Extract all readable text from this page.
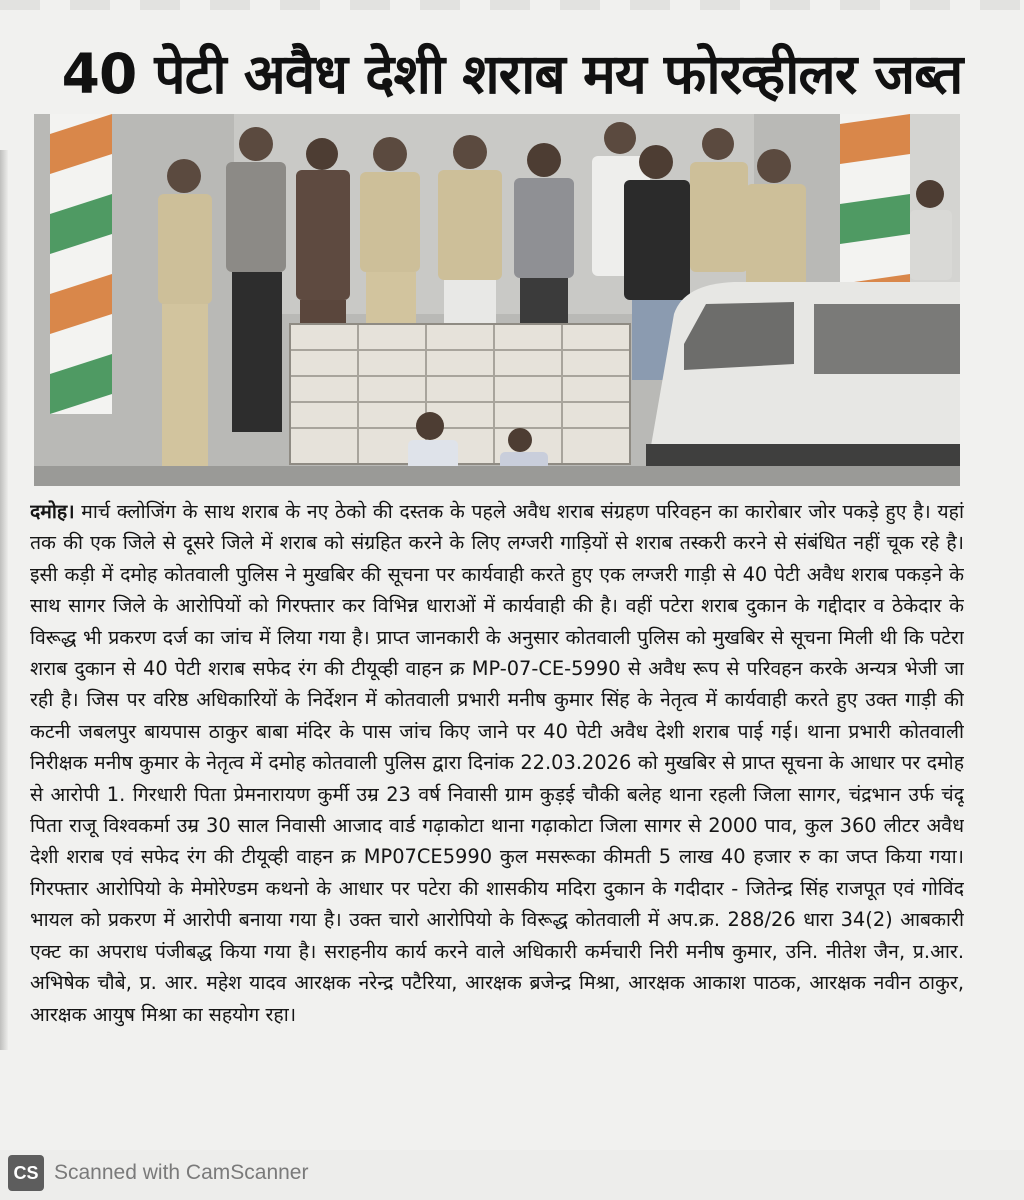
40 पेटी अवैध देशी शराब मय फोरव्हीलर जब्त

दमोह। मार्च क्लोजिंग के साथ शराब के नए ठेको की दस्तक के पहले अवैध शराब संग्रहण परिवहन का कारोबार जोर पकड़े हुए है। यहां तक की एक जिले से दूसरे जिले में शराब को संग्रहित करने के लिए लग्जरी गाड़ियों से शराब तस्करी करने से संबंधित नहीं चूक रहे है। इसी कड़ी में दमोह कोतवाली पुलिस ने मुखबिर की सूचना पर कार्यवाही करते हुए एक लग्जरी गाड़ी से 40 पेटी अवैध शराब पकड़ने के साथ सागर जिले के आरोपियों को गिरफ्तार कर विभिन्न धाराओं में कार्यवाही की है। वहीं पटेरा शराब दुकान के गद्दीदार व ठेकेदार के विरूद्ध भी प्रकरण दर्ज का जांच में लिया गया है। प्राप्त जानकारी के अनुसार कोतवाली पुलिस को मुखबिर से सूचना मिली थी कि पटेरा शराब दुकान से 40 पेटी शराब सफेद रंग की टीयूव्ही वाहन क्र MP-07-CE-5990 से अवैध रूप से परिवहन करके अन्यत्र भेजी जा रही है। जिस पर वरिष्ठ अधिकारियों के निर्देशन में कोतवाली प्रभारी मनीष कुमार सिंह के नेतृत्व में कार्यवाही करते हुए उक्त गाड़ी की कटनी जबलपुर बायपास ठाकुर बाबा मंदिर के पास जांच किए जाने पर 40 पेटी अवैध देशी शराब पाई गई। थाना प्रभारी कोतवाली निरीक्षक मनीष कुमार के नेतृत्व में दमोह कोतवाली पुलिस द्वारा दिनांक 22.03.2026 को मुखबिर से प्राप्त सूचना के आधार पर दमोह से आरोपी 1. गिरधारी पिता प्रेमनारायण कुर्मी उम्र 23 वर्ष निवासी ग्राम कुड़ई चौकी बलेह थाना रहली जिला सागर, चंद्रभान उर्फ चंदू पिता राजू विश्वकर्मा उम्र 30 साल निवासी आजाद वार्ड गढ़ाकोटा थाना गढ़ाकोटा जिला सागर से 2000 पाव, कुल 360 लीटर अवैध देशी शराब एवं सफेद रंग की टीयूव्ही वाहन क्र MP07CE5990 कुल मसरूका कीमती 5 लाख 40 हजार रु का जप्त किया गया। गिरफ्तार आरोपियो के मेमोरेण्डम कथनो के आधार पर पटेरा की शासकीय मदिरा दुकान के गदीदार - जितेन्द्र सिंह राजपूत एवं गोविंद भायल को प्रकरण में आरोपी बनाया गया है। उक्त चारो आरोपियो के विरूद्ध कोतवाली में अप.क्र. 288/26 धारा 34(2) आबकारी एक्ट का अपराध पंजीबद्ध किया गया है। सराहनीय कार्य करने वाले अधिकारी कर्मचारी निरी मनीष कुमार, उनि. नीतेश जैन, प्र.आर. अभिषेक चौबे, प्र. आर. महेश यादव आरक्षक नरेन्द्र पटैरिया, आरक्षक ब्रजेन्द्र मिश्रा, आरक्षक आकाश पाठक, आरक्षक नवीन ठाकुर, आरक्षक आयुष मिश्रा का सहयोग रहा।

CS Scanned with CamScanner
